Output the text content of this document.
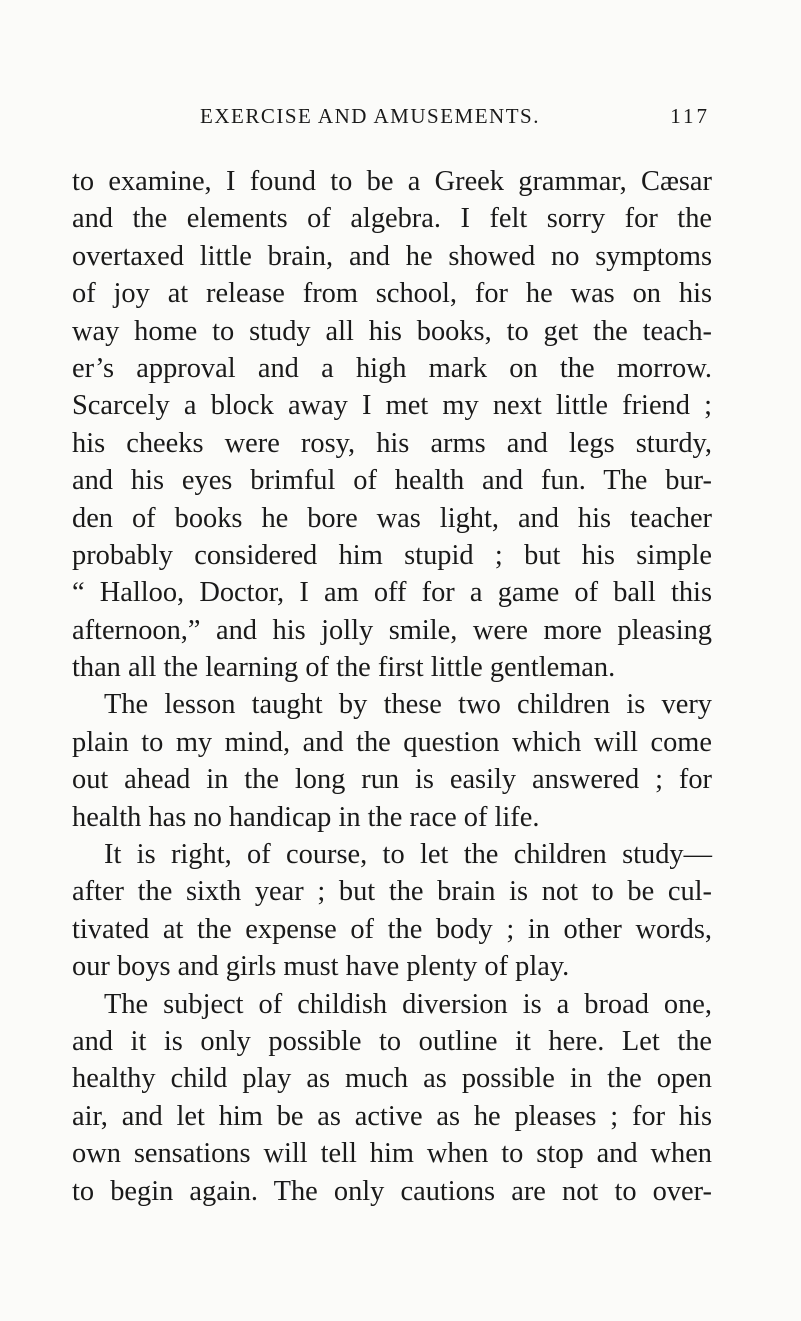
EXERCISE AND AMUSEMENTS.	117
to examine, I found to be a Greek grammar, Cæsar
and the elements of algebra. I felt sorry for the
overtaxed little brain, and he showed no symptoms
of joy at release from school, for he was on his
way home to study all his books, to get the teach-
er’s approval and a high mark on the morrow.
Scarcely a block away I met my next little friend ;
his cheeks were rosy, his arms and legs sturdy,
and his eyes brimful of health and fun. The bur-
den of books he bore was light, and his teacher
probably considered him stupid ; but his simple
“ Halloo, Doctor, I am off for a game of ball this
afternoon,” and his jolly smile, were more pleasing
than all the learning of the first little gentleman.
The lesson taught by these two children is very
plain to my mind, and the question which will come
out ahead in the long run is easily answered ; for
health has no handicap in the race of life.
It is right, of course, to let the children study—
after the sixth year ; but the brain is not to be cul-
tivated at the expense of the body ; in other words,
our boys and girls must have plenty of play.
The subject of childish diversion is a broad one,
and it is only possible to outline it here. Let the
healthy child play as much as possible in the open
air, and let him be as active as he pleases ; for his
own sensations will tell him when to stop and when
to begin again. The only cautions are not to over-
